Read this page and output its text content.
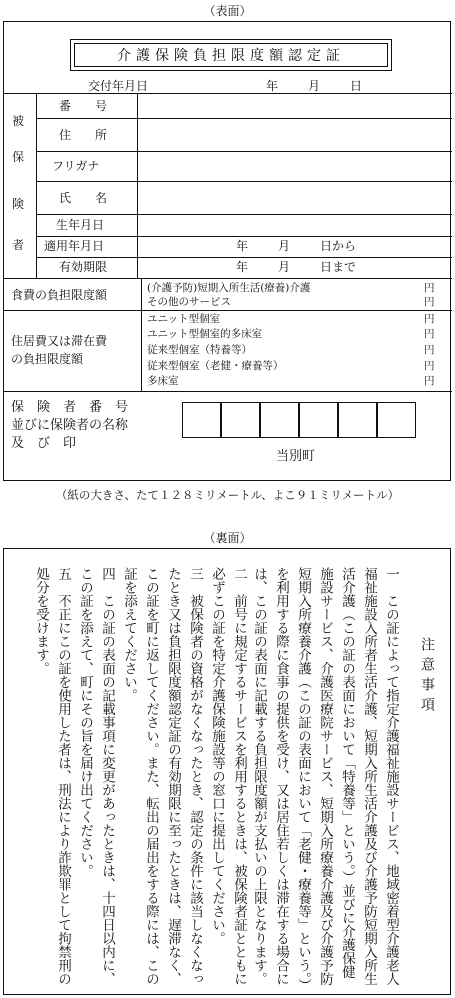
（表面）
介護保険負担限度額認定証
交付年月日	年 月 日
被
保
険
者
番　　号
住　　所
フリガナ
氏　　名
生年月日
適用年月日
有効期限
年 月 日から
年 月 日まで
食費の負担限度額	(介護予防)短期入所生活(療養)介護
その他のサービス
円
円
住居費又は滞在費
の負担限度額
ユニット型個室
ユニット型個室的多床室
従来型個室（特養等）
従来型個室（老健・療養等）
多床室
円
円
円
円
円
保　険　者　番　号
並びに保険者の名称
及　び　印
当別町
（紙の大きさ、たて１２８ミリメートル、よこ９１ミリメートル）
（裏面）
注意事項
一　この証によって指定介護福祉施設サービス、地域密着型介護老人福祉施設入所者生活介護、短期入所生活介護及び介護予防短期入所生活介護（この証の表面において「特養等」という。）並びに介護保健施設サービス、介護医療院サービス、短期入所療養介護及び介護予防短期入所療養介護（この証の表面において「老健・療養等」という。）を利用する際に食事の提供を受け、又は居住若しくは滞在する場合には、この証の表面に記載する負担限度額が支払いの上限となります。
二　前号に規定するサービスを利用するときは、被保険者証とともに必ずこの証を特定介護保険施設等の窓口に提出してください。
三　被保険者の資格がなくなったとき、認定の条件に該当しなくなったとき又は負担限度額認定証の有効期限に至ったときは、遅滞なく、この証を町に返してください。また、転出の届出をする際には、この証を添えてください。
四　この証の表面の記載事項に変更があったときは、十四日以内に、この証を添えて、町にその旨を届け出てください。
五　不正にこの証を使用した者は、刑法により詐欺罪として拘禁刑の処分を受けます。
